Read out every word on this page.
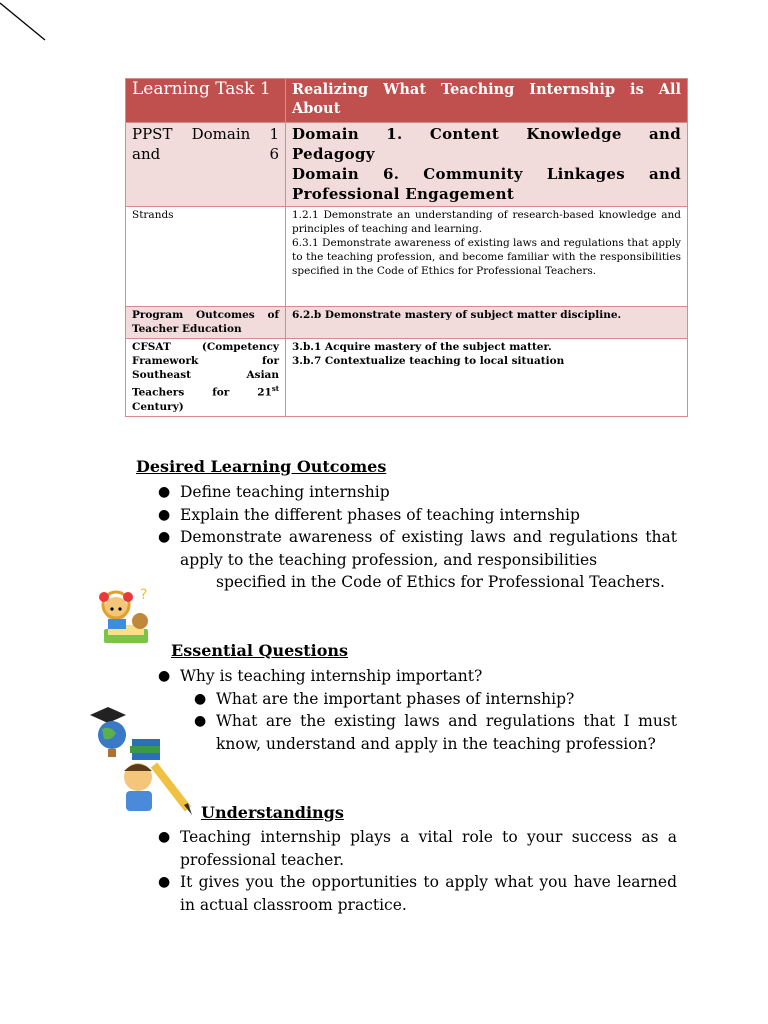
Learning Task 1	Realizing What Teaching Internship is All About

PPST Domain 1 and 6	Domain 1. Content Knowledge and Pedagogy
Domain 6. Community Linkages and Professional Engagement

Strands	1.2.1 Demonstrate an understanding of research-based knowledge and principles of teaching and learning.
6.3.1 Demonstrate awareness of existing laws and regulations that apply to the teaching profession, and become familiar with the responsibilities specified in the Code of Ethics for Professional Teachers.

Program Outcomes of Teacher Education	6.2.b Demonstrate mastery of subject matter discipline.

CFSAT (Competency Framework for Southeast Asian Teachers for 21st Century)	3.b.1 Acquire mastery of the subject matter.
3.b.7 Contextualize teaching to local situation
Desired Learning Outcomes
● Define teaching internship
● Explain the different phases of teaching internship
● Demonstrate awareness of existing laws and regulations that apply to the teaching profession, and responsibilities
specified in the Code of Ethics for Professional Teachers.
?
Essential Questions
● Why is teaching internship important?
● What are the important phases of internship?
● What are the existing laws and regulations that I must know, understand and apply in the teaching profession?
Understandings
● Teaching internship plays a vital role to your success as a professional teacher.
● It gives you the opportunities to apply what you have learned in actual classroom practice.
